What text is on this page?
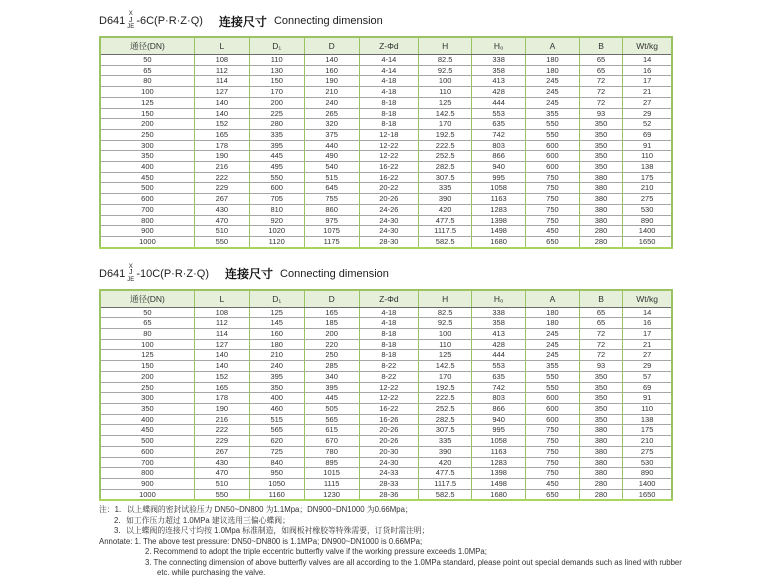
D641
X
J
JE
-6C(P·R·Z·Q) 连接尺寸 Connecting dimension
通径(DN)	L	D₁	D	Z-Φd	H	H₀	A	B	Wt/kg
50	108	110	140	4-14	82.5	338	180	65	14
65	112	130	160	4-14	92.5	358	180	65	16
80	114	150	190	4-18	100	413	245	72	17
100	127	170	210	4-18	110	428	245	72	21
125	140	200	240	8-18	125	444	245	72	27
150	140	225	265	8-18	142.5	553	355	93	29
200	152	280	320	8-18	170	635	550	350	52
250	165	335	375	12-18	192.5	742	550	350	69
300	178	395	440	12-22	222.5	803	600	350	91
350	190	445	490	12-22	252.5	866	600	350	110
400	216	495	540	16-22	282.5	940	600	350	138
450	222	550	515	16-22	307.5	995	750	380	175
500	229	600	645	20-22	335	1058	750	380	210
600	267	705	755	20-26	390	1163	750	380	275
700	430	810	860	24-26	420	1283	750	380	530
800	470	920	975	24-30	477.5	1398	750	380	890
900	510	1020	1075	24-30	1117.5	1498	450	280	1400
1000	550	1120	1175	28-30	582.5	1680	650	280	1650
D641
X
J
JE
-10C(P·R·Z·Q) 连接尺寸 Connecting dimension
通径(DN)	L	D₁	D	Z-Φd	H	H₀	A	B	Wt/kg
50	108	125	165	4-18	82.5	338	180	65	14
65	112	145	185	4-18	92.5	358	180	65	16
80	114	160	200	8-18	100	413	245	72	17
100	127	180	220	8-18	110	428	245	72	21
125	140	210	250	8-18	125	444	245	72	27
150	140	240	285	8-22	142.5	553	355	93	29
200	152	395	340	8-22	170	635	550	350	57
250	165	350	395	12-22	192.5	742	550	350	69
300	178	400	445	12-22	222.5	803	600	350	91
350	190	460	505	16-22	252.5	866	600	350	110
400	216	515	565	16-26	282.5	940	600	350	138
450	222	565	615	20-26	307.5	995	750	380	175
500	229	620	670	20-26	335	1058	750	380	210
600	267	725	780	20-30	390	1163	750	380	275
700	430	840	895	24-30	420	1283	750	380	530
800	470	950	1015	24-33	477.5	1398	750	380	890
900	510	1050	1115	28-33	1117.5	1498	450	280	1400
1000	550	1160	1230	28-36	582.5	1680	650	280	1650
注：1．以上蝶阀的密封试验压力 DN50~DN800 为1.1Mpa；DN900~DN1000 为0.66Mpa；
2．如工作压力超过 1.0MPa 建议选用三偏心蝶阀；
3．以上蝶阀的连接尺寸均按 1.0Mpa 标准制造，如阀板衬橡胶等特殊需要，订货时需注明；
Annotate: 1. The above test pressure: DN50~DN800 is 1.1MPa; DN900~DN1000 is 0.66MPa;
2. Recommend to adopt the triple eccentric butterfly valve if the working pressure exceeds 1.0MPa;
3. The connecting dimension of above butterfly valves are all according to the 1.0MPa standard, please point out special demands such as lined with rubber
etc. while purchasing the valve.
